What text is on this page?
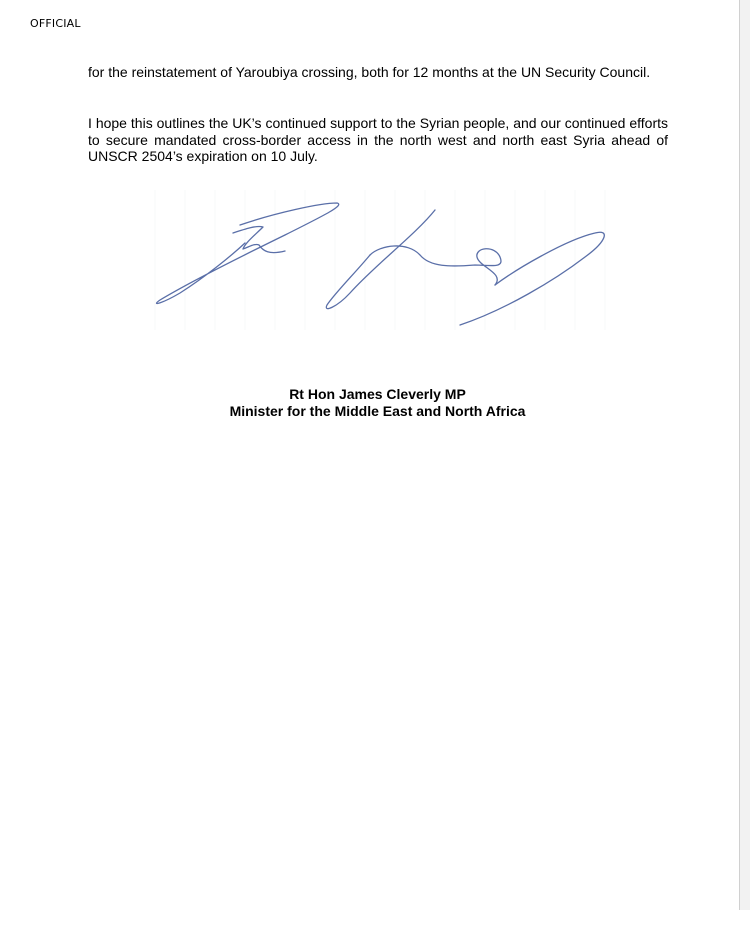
OFFICIAL

for the reinstatement of Yaroubiya crossing, both for 12 months at the UN Security Council.

I hope this outlines the UK’s continued support to the Syrian people, and our continued efforts to secure mandated cross-border access in the north west and north east Syria ahead of UNSCR 2504’s expiration on 10 July.

Rt Hon James Cleverly MP
Minister for the Middle East and North Africa
